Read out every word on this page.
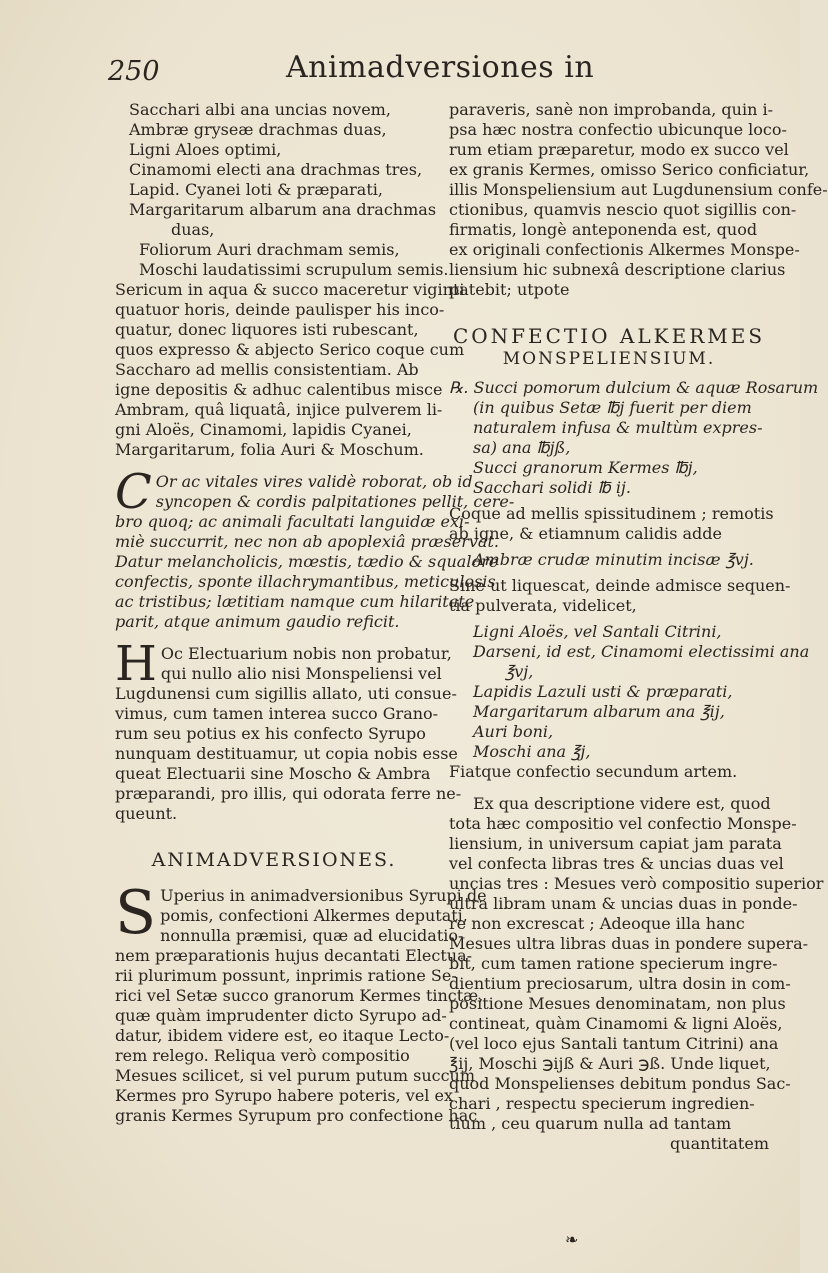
250	Animadversiones in
Sacchari albi ana uncias novem,
Ambræ gryseæ drachmas duas,
Ligni Aloes optimi,
Cinamomi electi ana drachmas tres,
Lapid. Cyanei loti & præparati,
Margaritarum albarum ana drachmas
duas,
Foliorum Auri drachmam semis,
Moschi laudatissimi scrupulum semis.
Sericum in aqua & succo maceretur viginti
quatuor horis, deinde paulisper his inco-
quatur, donec liquores isti rubescant,
quos expresso & abjecto Serico coque cum
Saccharo ad mellis consistentiam. Ab
igne depositis & adhuc calentibus misce
Ambram, quâ liquatâ, injice pulverem li-
gni Aloës, Cinamomi, lapidis Cyanei,
Margaritarum, folia Auri & Moschum.
C Or ac vitales vires validè roborat, ob id
syncopen & cordis palpitationes pellit, cere-
bro quoq; ac animali facultati languidæ exi-
miè succurrit, nec non ab apoplexiâ præservat.
Datur melancholicis, mœstis, tædio & squalore
confectis, sponte illachrymantibus, meticulosis
ac tristibus; lætitiam namque cum hilaritate
parit, atque animum gaudio reficit.
H Oc Electuarium nobis non probatur,
qui nullo alio nisi Monspeliensi vel
Lugdunensi cum sigillis allato, uti consue-
vimus, cum tamen interea succo Grano-
rum seu potius ex his confecto Syrupo
nunquam destituamur, ut copia nobis esse
queat Electuarii sine Moscho & Ambra
præparandi, pro illis, qui odorata ferre ne-
queunt.
ANIMADVERSIONES.
S Uperius in animadversionibus Syrupi de
pomis, confectioni Alkermes deputati,
nonnulla præmisi, quæ ad elucidatio-
nem præparationis hujus decantati Electua-
rii plurimum possunt, inprimis ratione Se-
rici vel Setæ succo granorum Kermes tinctæ,
quæ quàm imprudenter dicto Syrupo ad-
datur, ibidem videre est, eo itaque Lecto-
rem relego. Reliqua verò compositio
Mesues scilicet, si vel purum putum succum
Kermes pro Syrupo habere poteris, vel ex
granis Kermes Syrupum pro confectione hac
paraveris, sanè non improbanda, quin i-
psa hæc nostra confectio ubicunque loco-
rum etiam præparetur, modo ex succo vel
ex granis Kermes, omisso Serico conficiatur,
illis Monspeliensium aut Lugdunensium confe-
ctionibus, quamvis nescio quot sigillis con-
firmatis, longè anteponenda est, quod
ex originali confectionis Alkermes Monspe-
liensium hic subnexâ descriptione clarius
patebit; utpote
CONFECTIO ALKERMES
MONSPELIENSIUM.
℞. Succi pomorum dulcium & aquæ Rosarum
(in quibus Setæ ℔j fuerit per diem
naturalem infusa & multùm expres-
sa) ana ℔jß,
Succi granorum Kermes ℔j,
Sacchari solidi ℔ ij.
Coque ad mellis spissitudinem ; remotis
ab igne, & etiamnum calidis adde
Ambræ crudæ minutim incisæ ℥vj.
Sine ut liquescat, deinde admisce sequen-
tia pulverata, videlicet,
Ligni Aloës, vel Santali Citrini,
Darseni, id est, Cinamomi electissimi ana
℥vj,
Lapidis Lazuli usti & præparati,
Margaritarum albarum ana ℥ij,
Auri boni,
Moschi ana ℥j,
Fiatque confectio secundum artem.
Ex qua descriptione videre est, quod
tota hæc compositio vel confectio Monspe-
liensium, in universum capiat jam parata
vel confecta libras tres & uncias duas vel
uncias tres : Mesues verò compositio superior
ultra libram unam & uncias duas in ponde-
re non excrescat ; Adeoque illa hanc
Mesues ultra libras duas in pondere supera-
bit, cum tamen ratione specierum ingre-
dientium preciosarum, ultra dosin in com-
positione Mesues denominatam, non plus
contineat, quàm Cinamomi & ligni Aloës,
(vel loco ejus Santali tantum Citrini) ana
℥ij, Moschi ℈ijß & Auri ℈ß. Unde liquet,
quod Monspelienses debitum pondus Sac-
chari , respectu specierum ingredien-
tium , ceu quarum nulla ad tantam
quantitatem
❧
